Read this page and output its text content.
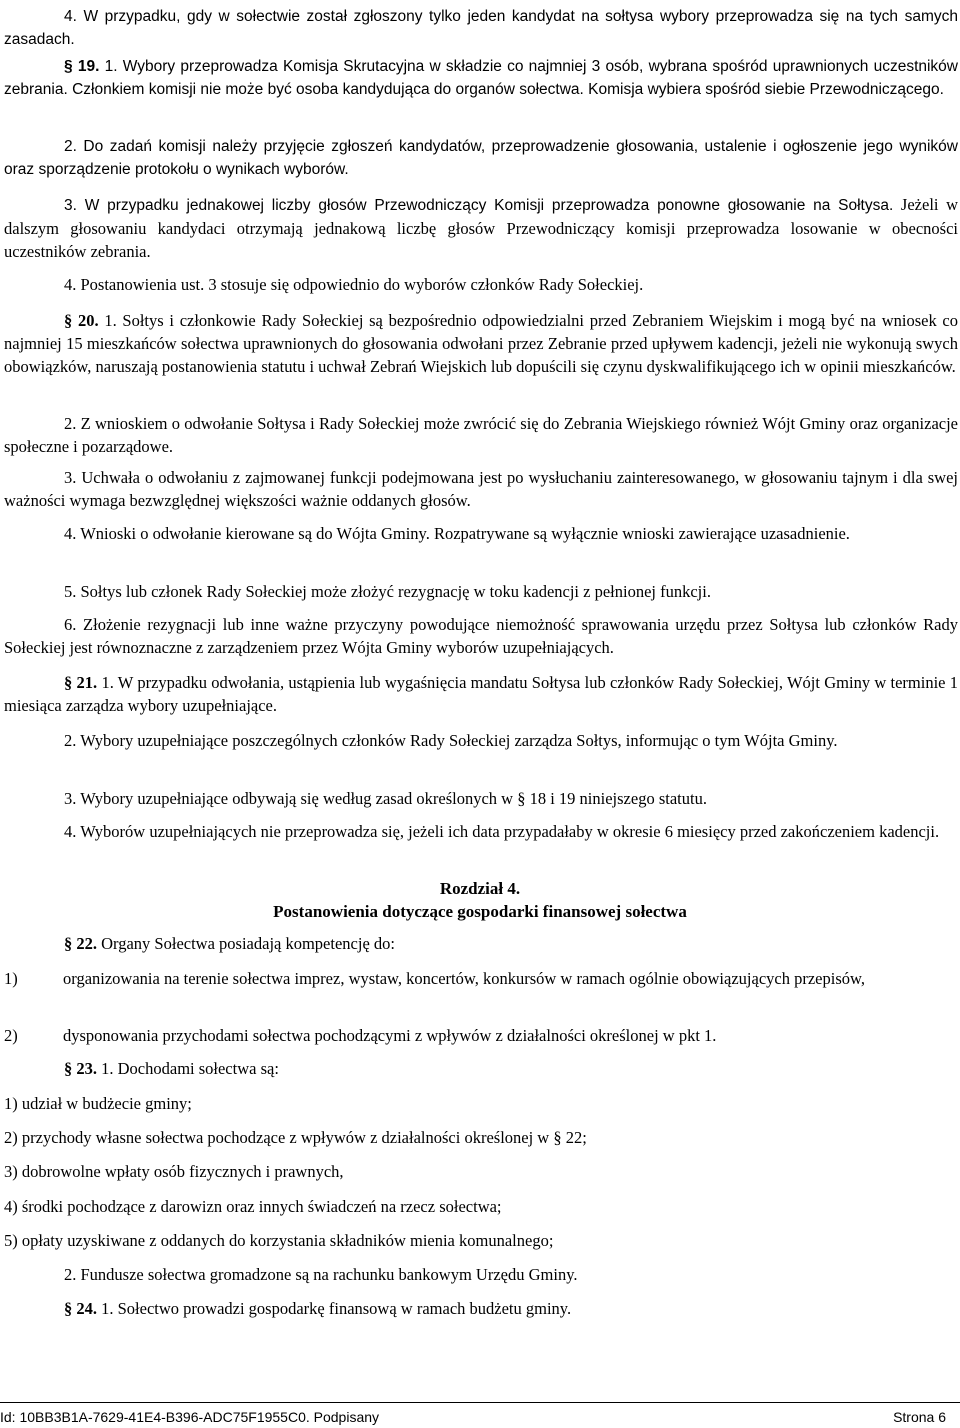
4. W przypadku, gdy w sołectwie został zgłoszony tylko jeden kandydat na sołtysa wybory przeprowadza się na tych samych zasadach.

§ 19. 1. Wybory przeprowadza Komisja Skrutacyjna w składzie co najmniej 3 osób, wybrana spośród uprawnionych uczestników zebrania. Członkiem komisji nie może być osoba kandydująca do organów sołectwa. Komisja wybiera spośród siebie Przewodniczącego.

2. Do zadań komisji należy przyjęcie zgłoszeń kandydatów, przeprowadzenie głosowania, ustalenie i ogłoszenie jego wyników oraz sporządzenie protokołu o wynikach wyborów.

3. W przypadku jednakowej liczby głosów Przewodniczący Komisji przeprowadza ponowne głosowanie na Sołtysa. Jeżeli w dalszym głosowaniu kandydaci otrzymają jednakową liczbę głosów Przewodniczący komisji przeprowadza losowanie w obecności uczestników zebrania.

4. Postanowienia ust. 3 stosuje się odpowiednio do wyborów członków Rady Sołeckiej.

§ 20. 1. Sołtys i członkowie Rady Sołeckiej są bezpośrednio odpowiedzialni przed Zebraniem Wiejskim i mogą być na wniosek co najmniej 15 mieszkańców sołectwa uprawnionych do głosowania odwołani przez Zebranie przed upływem kadencji, jeżeli nie wykonują swych obowiązków, naruszają postanowienia statutu i uchwał Zebrań Wiejskich lub dopuścili się czynu dyskwalifikującego ich w opinii mieszkańców.

2. Z wnioskiem o odwołanie Sołtysa i Rady Sołeckiej może zwrócić się do Zebrania Wiejskiego również Wójt Gminy oraz organizacje społeczne i pozarządowe.

3. Uchwała o odwołaniu z zajmowanej funkcji podejmowana jest po wysłuchaniu zainteresowanego, w głosowaniu tajnym i dla swej ważności wymaga bezwzględnej większości ważnie oddanych głosów.

4. Wnioski o odwołanie kierowane są do Wójta Gminy. Rozpatrywane są wyłącznie wnioski zawierające uzasadnienie.

5. Sołtys lub członek Rady Sołeckiej może złożyć rezygnację w toku kadencji z pełnionej funkcji.

6. Złożenie rezygnacji lub inne ważne przyczyny powodujące niemożność sprawowania urzędu przez Sołtysa lub członków Rady Sołeckiej jest równoznaczne z zarządzeniem przez Wójta Gminy wyborów uzupełniających.

§ 21. 1. W przypadku odwołania, ustąpienia lub wygaśnięcia mandatu Sołtysa lub członków Rady Sołeckiej, Wójt Gminy w terminie 1 miesiąca zarządza wybory uzupełniające.

2. Wybory uzupełniające poszczególnych członków Rady Sołeckiej zarządza Sołtys, informując o tym Wójta Gminy.

3. Wybory uzupełniające odbywają się według zasad określonych w § 18 i 19 niniejszego statutu.

4. Wyborów uzupełniających nie przeprowadza się, jeżeli ich data przypadałaby w okresie 6 miesięcy przed zakończeniem kadencji.

Rozdział 4.
Postanowienia dotyczące gospodarki finansowej sołectwa

§ 22. Organy Sołectwa posiadają kompetencję do:

1)	organizowania na terenie sołectwa imprez, wystaw, koncertów, konkursów w ramach ogólnie obowiązujących przepisów,

2)	dysponowania przychodami sołectwa pochodzącymi z wpływów z działalności określonej w pkt 1.

§ 23. 1. Dochodami sołectwa są:

1) udział w budżecie gminy;

2) przychody własne sołectwa pochodzące z wpływów z działalności określonej w § 22;

3) dobrowolne wpłaty osób fizycznych i prawnych,

4) środki pochodzące z darowizn oraz innych świadczeń na rzecz sołectwa;

5) opłaty uzyskiwane z oddanych do korzystania składników mienia komunalnego;

2. Fundusze sołectwa gromadzone są na rachunku bankowym Urzędu Gminy.

§ 24. 1. Sołectwo prowadzi gospodarkę finansową w ramach budżetu gminy.

Id: 10BB3B1A-7629-41E4-B396-ADC75F1955C0. Podpisany	Strona 6
